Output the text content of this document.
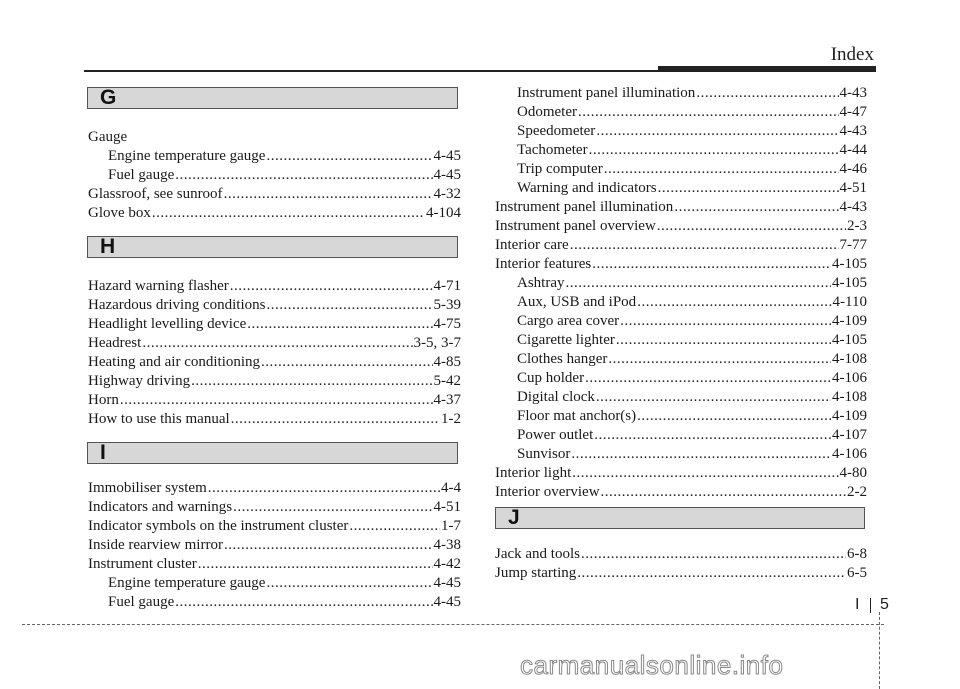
Index
G
Gauge
Engine temperature gauge .....	4-45
Fuel gauge .....	4-45
Glassroof, see sunroof .....	4-32
Glove box .....	4-104
H
Hazard warning flasher .....	4-71
Hazardous driving conditions .....	5-39
Headlight levelling device .....	4-75
Headrest .....	3-5, 3-7
Heating and air conditioning .....	4-85
Highway driving .....	5-42
Horn .....	4-37
How to use this manual .....	1-2
I
Immobiliser system .....	4-4
Indicators and warnings .....	4-51
Indicator symbols on the instrument cluster .....	1-7
Inside rearview mirror .....	4-38
Instrument cluster .....	4-42
Engine temperature gauge .....	4-45
Fuel gauge .....	4-45
Instrument panel illumination .....	4-43
Odometer .....	4-47
Speedometer .....	4-43
Tachometer .....	4-44
Trip computer .....	4-46
Warning and indicators .....	4-51
Instrument panel illumination .....	4-43
Instrument panel overview .....	2-3
Interior care .....	7-77
Interior features .....	4-105
Ashtray .....	4-105
Aux, USB and iPod .....	4-110
Cargo area cover .....	4-109
Cigarette lighter .....	4-105
Clothes hanger .....	4-108
Cup holder .....	4-106
Digital clock .....	4-108
Floor mat anchor(s) .....	4-109
Power outlet .....	4-107
Sunvisor .....	4-106
Interior light .....	4-80
Interior overview .....	2-2
J
Jack and tools .....	6-8
Jump starting .....	6-5
I 5
carmanualsonline.info
